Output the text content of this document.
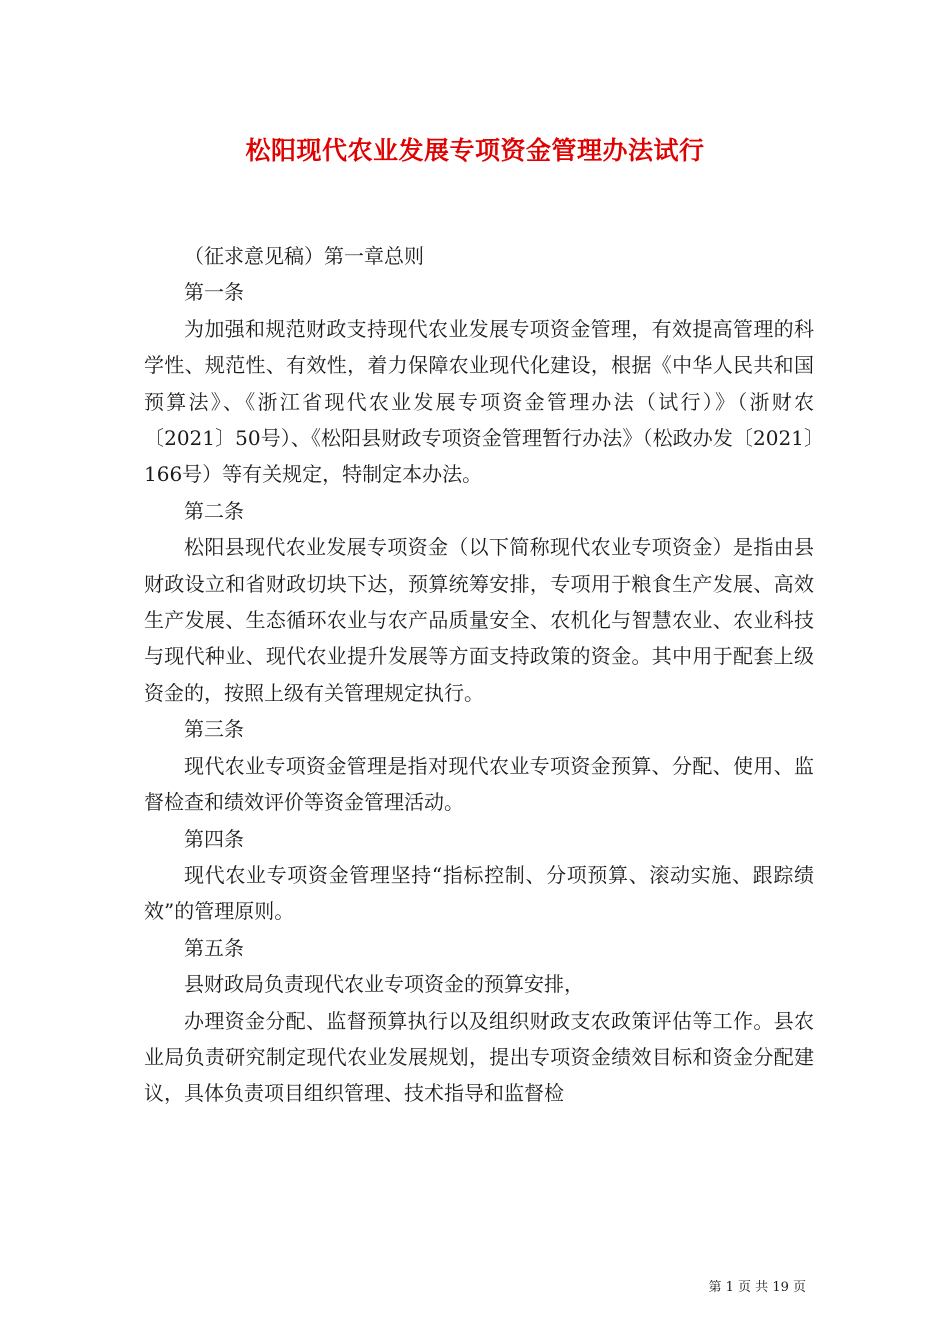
松阳现代农业发展专项资金管理办法试行

（征求意见稿）第一章总则

第一条

为加强和规范财政支持现代农业发展专项资金管理，有效提高管理的科学性、规范性、有效性，着力保障农业现代化建设，根据《中华人民共和国预算法》、《浙江省现代农业发展专项资金管理办法（试行）》（浙财农〔2021〕50号）、《松阳县财政专项资金管理暂行办法》（松政办发〔2021〕166号）等有关规定，特制定本办法。

第二条

松阳县现代农业发展专项资金（以下简称现代农业专项资金）是指由县财政设立和省财政切块下达，预算统筹安排，专项用于粮食生产发展、高效生产发展、生态循环农业与农产品质量安全、农机化与智慧农业、农业科技与现代种业、现代农业提升发展等方面支持政策的资金。其中用于配套上级资金的，按照上级有关管理规定执行。

第三条

现代农业专项资金管理是指对现代农业专项资金预算、分配、使用、监督检查和绩效评价等资金管理活动。

第四条

现代农业专项资金管理坚持“指标控制、分项预算、滚动实施、跟踪绩效”的管理原则。

第五条

县财政局负责现代农业专项资金的预算安排，

办理资金分配、监督预算执行以及组织财政支农政策评估等工作。县农业局负责研究制定现代农业发展规划，提出专项资金绩效目标和资金分配建议，具体负责项目组织管理、技术指导和监督检

第 1 页 共 19 页
